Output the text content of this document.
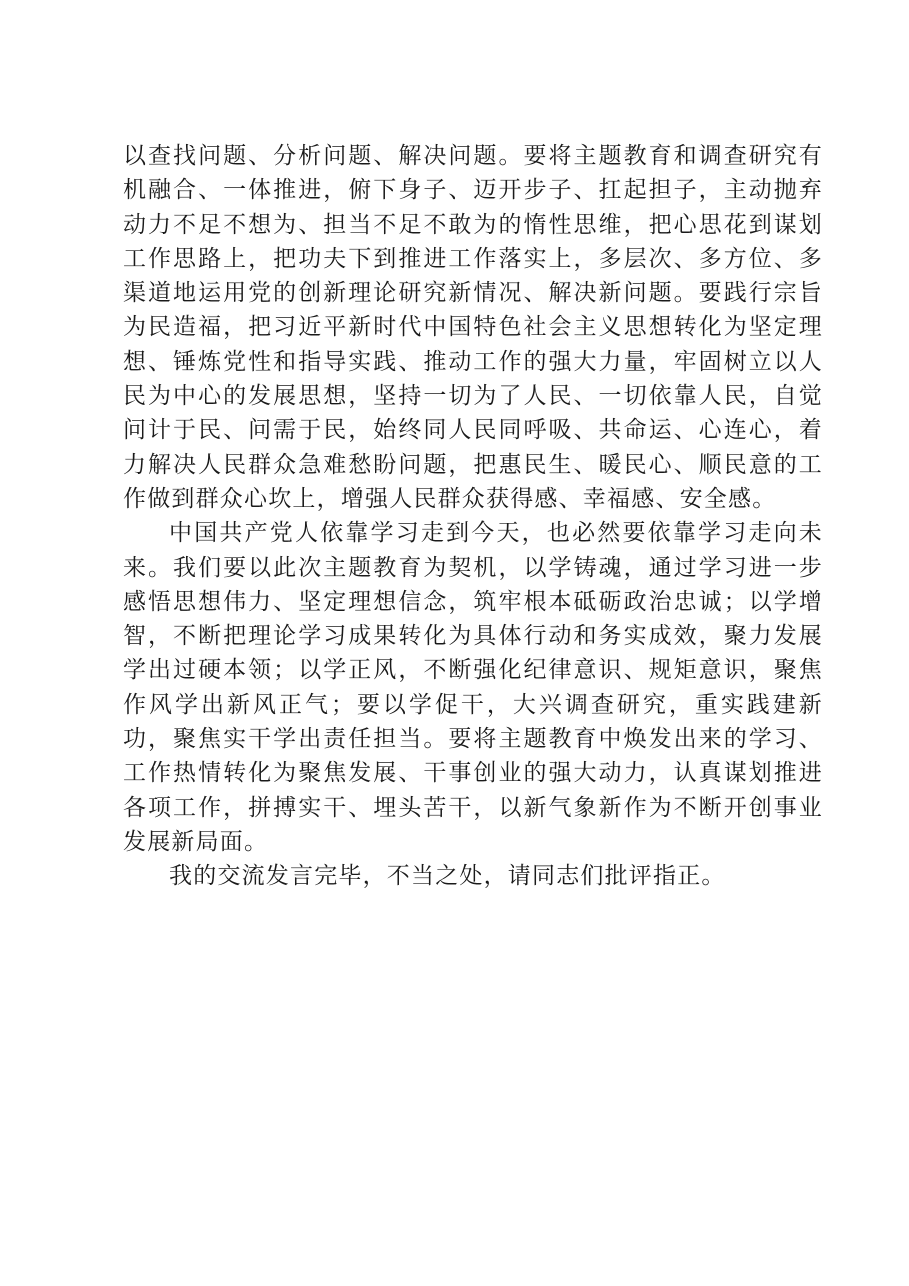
以查找问题、分析问题、解决问题。要将主题教育和调查研究有机融合、一体推进，俯下身子、迈开步子、扛起担子，主动抛弃动力不足不想为、担当不足不敢为的惰性思维，把心思花到谋划工作思路上，把功夫下到推进工作落实上，多层次、多方位、多渠道地运用党的创新理论研究新情况、解决新问题。要践行宗旨为民造福，把习近平新时代中国特色社会主义思想转化为坚定理想、锤炼党性和指导实践、推动工作的强大力量，牢固树立以人民为中心的发展思想，坚持一切为了人民、一切依靠人民，自觉问计于民、问需于民，始终同人民同呼吸、共命运、心连心，着力解决人民群众急难愁盼问题，把惠民生、暖民心、顺民意的工作做到群众心坎上，增强人民群众获得感、幸福感、安全感。

中国共产党人依靠学习走到今天，也必然要依靠学习走向未来。我们要以此次主题教育为契机，以学铸魂，通过学习进一步感悟思想伟力、坚定理想信念，筑牢根本砥砺政治忠诚；以学增智，不断把理论学习成果转化为具体行动和务实成效，聚力发展学出过硬本领；以学正风，不断强化纪律意识、规矩意识，聚焦作风学出新风正气；要以学促干，大兴调查研究，重实践建新功，聚焦实干学出责任担当。要将主题教育中焕发出来的学习、工作热情转化为聚焦发展、干事创业的强大动力，认真谋划推进各项工作，拼搏实干、埋头苦干，以新气象新作为不断开创事业发展新局面。

我的交流发言完毕，不当之处，请同志们批评指正。
